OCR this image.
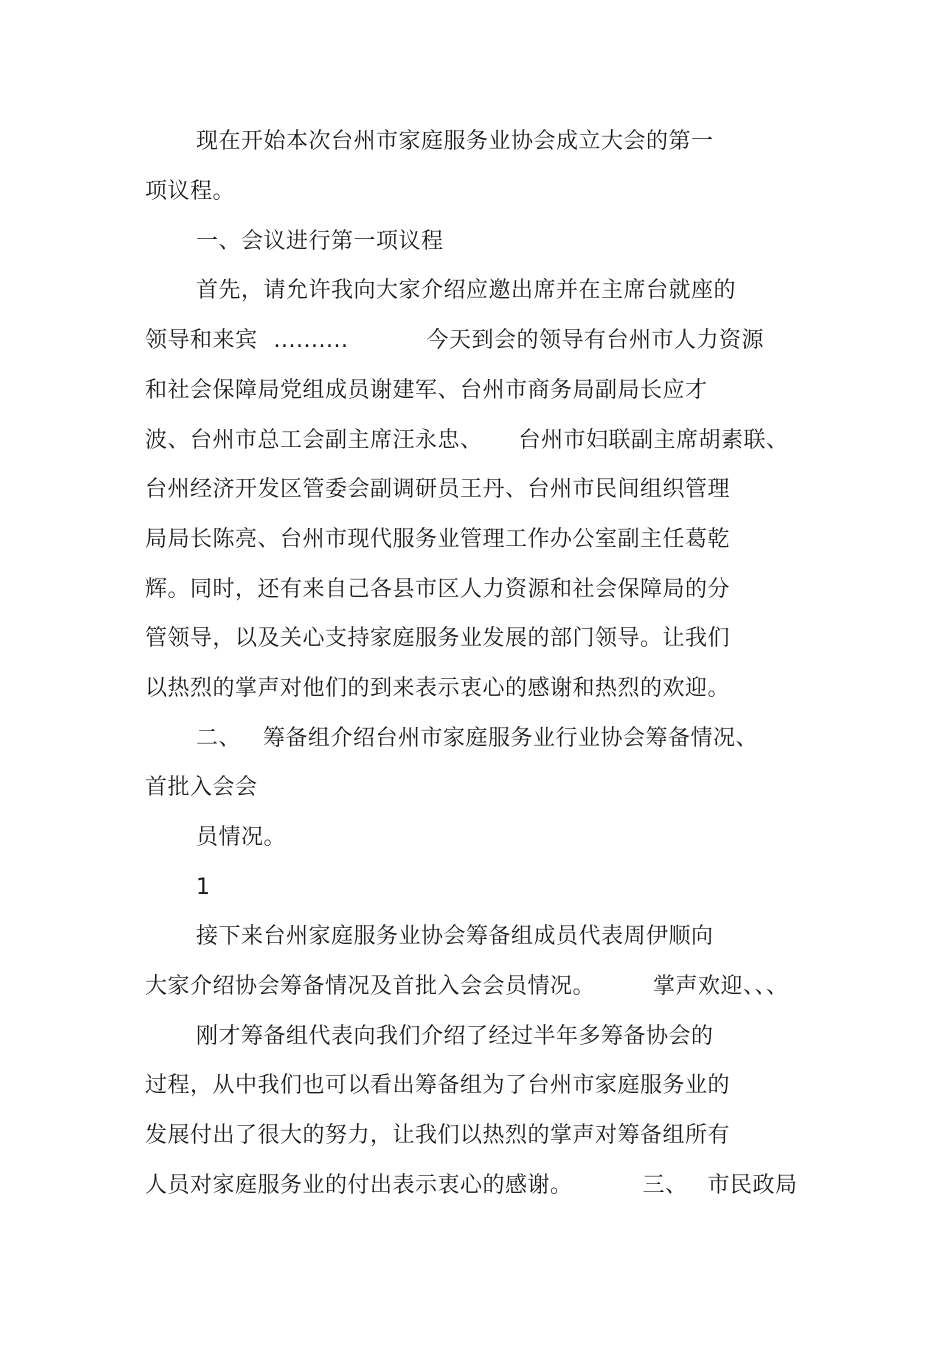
现在开始本次台州市家庭服务业协会成立大会的第一
项议程。
一、会议进行第一项议程
首先，请允许我向大家介绍应邀出席并在主席台就座的
领导和来宾 ..........	今天到会的领导有台州市人力资源
和社会保障局党组成员谢建军、台州市商务局副局长应才
波、台州市总工会副主席汪永忠、 台州市妇联副主席胡素联、
台州经济开发区管委会副调研员王丹、台州市民间组织管理
局局长陈亮、台州市现代服务业管理工作办公室副主任葛乾
辉。同时，还有来自己各县市区人力资源和社会保障局的分
管领导，以及关心支持家庭服务业发展的部门领导。让我们
以热烈的掌声对他们的到来表示衷心的感谢和热烈的欢迎。
二、 筹备组介绍台州市家庭服务业行业协会筹备情况、
首批入会会
员情况。
1
接下来台州家庭服务业协会筹备组成员代表周伊顺向
大家介绍协会筹备情况及首批入会会员情况。	掌声欢迎、、、
刚才筹备组代表向我们介绍了经过半年多筹备协会的
过程，从中我们也可以看出筹备组为了台州市家庭服务业的
发展付出了很大的努力，让我们以热烈的掌声对筹备组所有
人员对家庭服务业的付出表示衷心的感谢。	三、 市民政局
